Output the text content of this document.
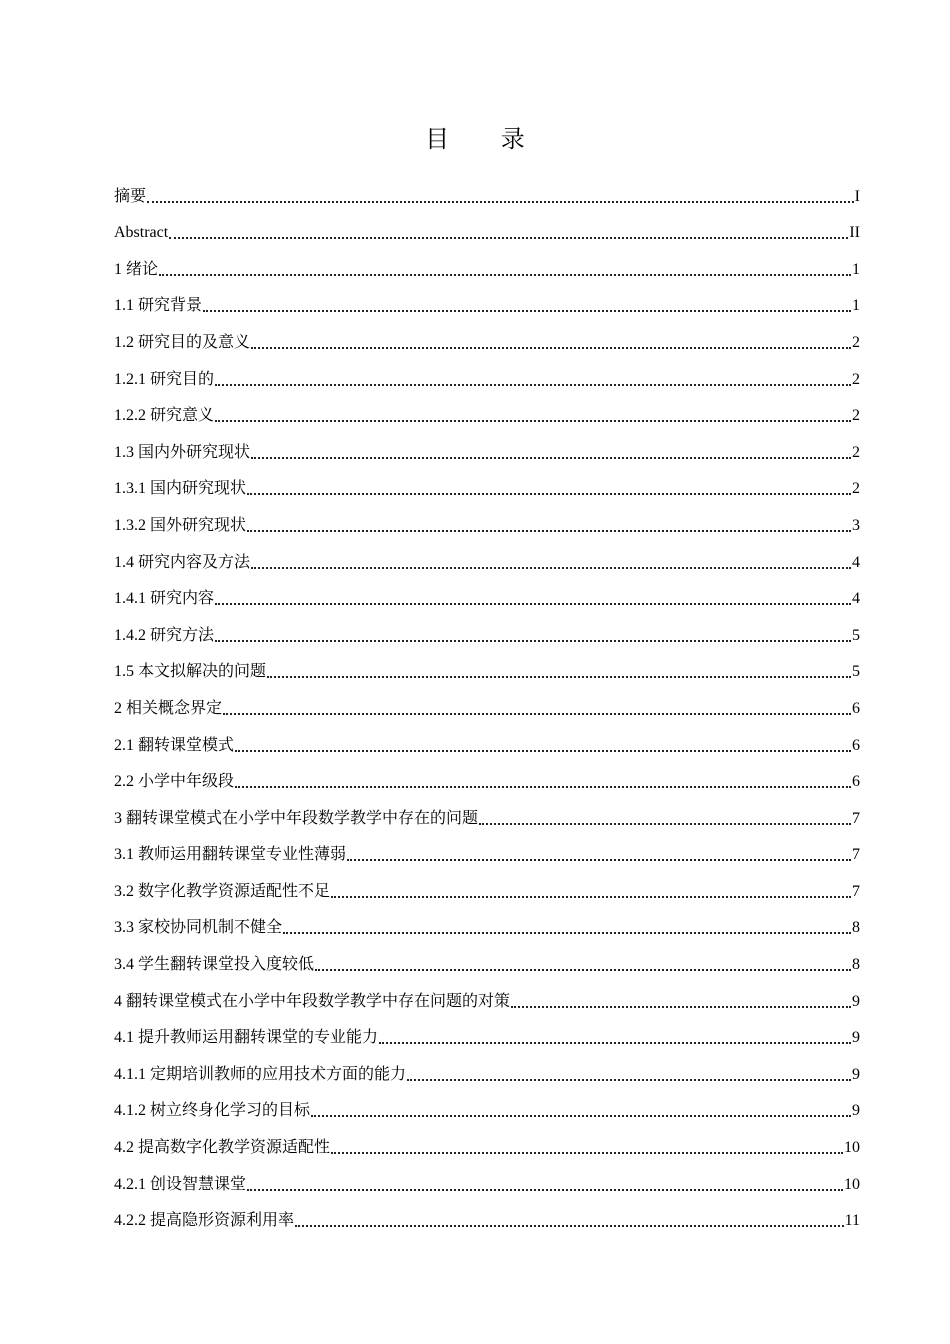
目 录
摘要	I
Abstract	II
1 绪论	1
1.1 研究背景	1
1.2 研究目的及意义	2
1.2.1 研究目的	2
1.2.2 研究意义	2
1.3 国内外研究现状	2
1.3.1 国内研究现状	2
1.3.2 国外研究现状	3
1.4 研究内容及方法	4
1.4.1 研究内容	4
1.4.2 研究方法	5
1.5 本文拟解决的问题	5
2 相关概念界定	6
2.1 翻转课堂模式	6
2.2 小学中年级段	6
3 翻转课堂模式在小学中年段数学教学中存在的问题	7
3.1 教师运用翻转课堂专业性薄弱	7
3.2 数字化教学资源适配性不足	7
3.3 家校协同机制不健全	8
3.4 学生翻转课堂投入度较低	8
4 翻转课堂模式在小学中年段数学教学中存在问题的对策	9
4.1 提升教师运用翻转课堂的专业能力	9
4.1.1 定期培训教师的应用技术方面的能力	9
4.1.2 树立终身化学习的目标	9
4.2 提高数字化教学资源适配性	10
4.2.1 创设智慧课堂	10
4.2.2 提高隐形资源利用率	11
